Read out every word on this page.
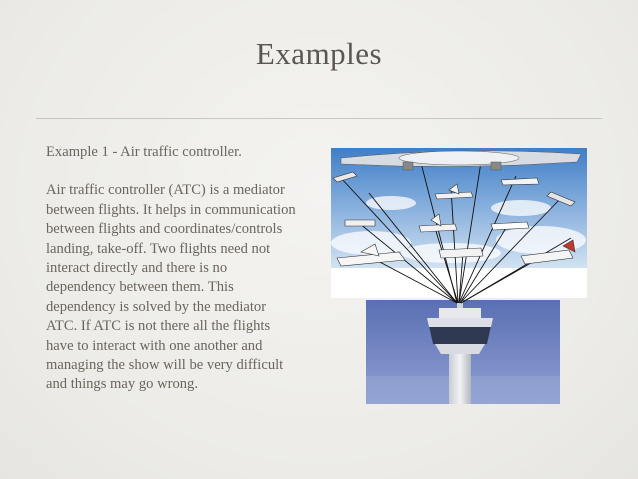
Examples

Example 1 - Air traffic controller.

Air traffic controller (ATC) is a mediator between flights. It helps in communication between flights and coordinates/controls landing, take-off. Two flights need not interact directly and there is no dependency between them. This dependency is solved by the mediator ATC. If ATC is not there all the flights have to interact with one another and managing the show will be very difficult and things may go wrong.
